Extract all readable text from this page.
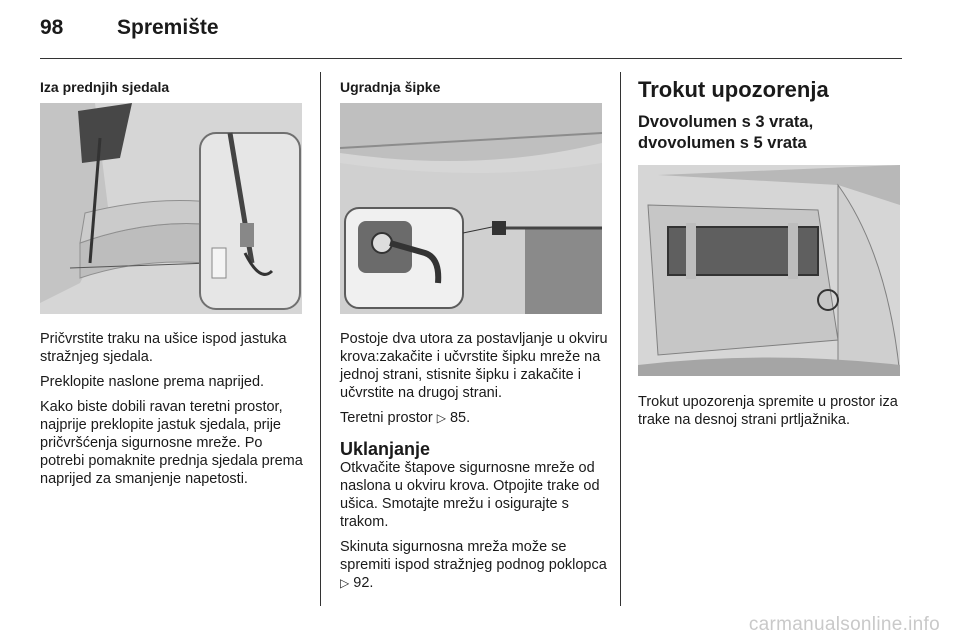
98	Spremište
Iza prednjih sjedala

Pričvrstite traku na ušice ispod jastuka stražnjeg sjedala.

Preklopite naslone prema naprijed.

Kako biste dobili ravan teretni prostor, najprije preklopite jastuk sjedala, prije pričvršćenja sigurnosne mreže. Po potrebi pomaknite prednja sjedala prema naprijed za smanjenje napetosti.

Ugradnja šipke

Postoje dva utora za postavljanje u okviru krova:zakačite i učvrstite šipku mreže na jednoj strani, stisnite šipku i zakačite i učvrstite na drugoj strani.

Teretni prostor ▷ 85.

Uklanjanje

Otkvačite štapove sigurnosne mreže od naslona u okviru krova. Otpojite trake od ušica. Smotajte mrežu i osigurajte s trakom.

Skinuta sigurnosna mreža može se spremiti ispod stražnjeg podnog poklopca ▷ 92.

Trokut upozorenja
Dvovolumen s 3 vrata, dvovolumen s 5 vrata

Trokut upozorenja spremite u prostor iza trake na desnoj strani prtljažnika.

carmanualsonline.info
